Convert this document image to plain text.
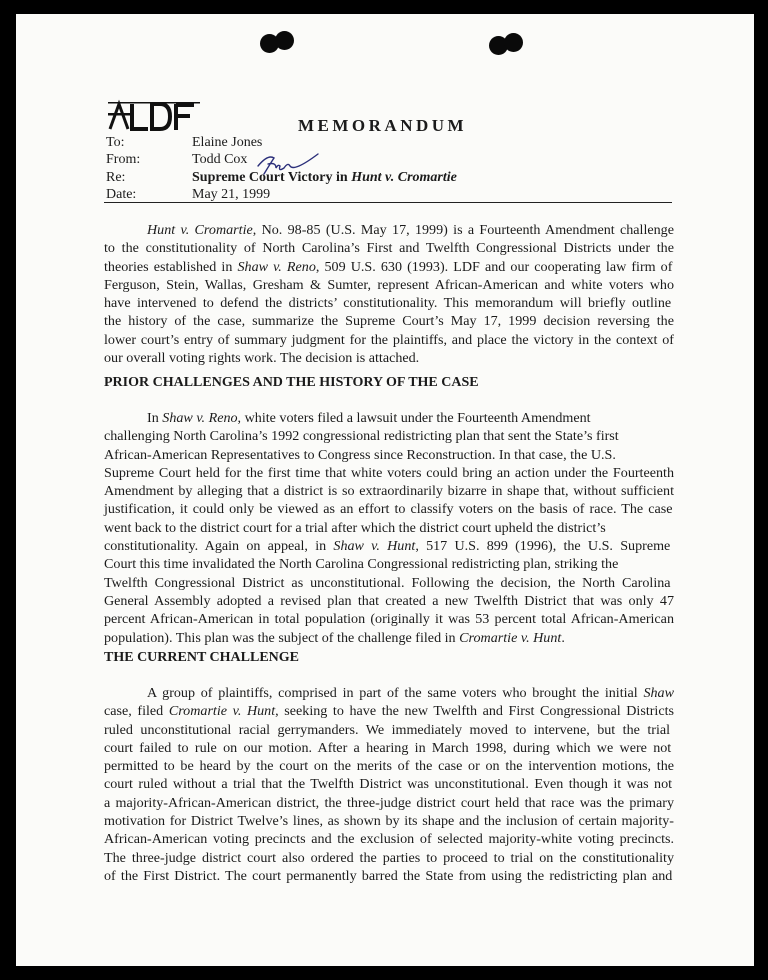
MEMORANDUM
To:	Elaine Jones
From:	Todd Cox
Re:	Supreme Court Victory in Hunt v. Cromartie
Date:	May 21, 1999
Hunt v. Cromartie, No. 98-85 (U.S. May 17, 1999) is a Fourteenth Amendment challenge
to the constitutionality of North Carolina’s First and Twelfth Congressional Districts under the
theories established in Shaw v. Reno, 509 U.S. 630 (1993). LDF and our cooperating law firm of
Ferguson, Stein, Wallas, Gresham & Sumter, represent African-American and white voters who
have intervened to defend the districts’ constitutionality. This memorandum will briefly outline
the history of the case, summarize the Supreme Court’s May 17, 1999 decision reversing the
lower court’s entry of summary judgment for the plaintiffs, and place the victory in the context of
our overall voting rights work. The decision is attached.
PRIOR CHALLENGES AND THE HISTORY OF THE CASE
In Shaw v. Reno, white voters filed a lawsuit under the Fourteenth Amendment
challenging North Carolina’s 1992 congressional redistricting plan that sent the State’s first
African-American Representatives to Congress since Reconstruction. In that case, the U.S.
Supreme Court held for the first time that white voters could bring an action under the Fourteenth
Amendment by alleging that a district is so extraordinarily bizarre in shape that, without sufficient
justification, it could only be viewed as an effort to classify voters on the basis of race. The case
went back to the district court for a trial after which the district court upheld the district’s
constitutionality. Again on appeal, in Shaw v. Hunt, 517 U.S. 899 (1996), the U.S. Supreme
Court this time invalidated the North Carolina Congressional redistricting plan, striking the
Twelfth Congressional District as unconstitutional. Following the decision, the North Carolina
General Assembly adopted a revised plan that created a new Twelfth District that was only 47
percent African-American in total population (originally it was 53 percent total African-American
population). This plan was the subject of the challenge filed in Cromartie v. Hunt.
THE CURRENT CHALLENGE
A group of plaintiffs, comprised in part of the same voters who brought the initial Shaw
case, filed Cromartie v. Hunt, seeking to have the new Twelfth and First Congressional Districts
ruled unconstitutional racial gerrymanders. We immediately moved to intervene, but the trial
court failed to rule on our motion. After a hearing in March 1998, during which we were not
permitted to be heard by the court on the merits of the case or on the intervention motions, the
court ruled without a trial that the Twelfth District was unconstitutional. Even though it was not
a majority-African-American district, the three-judge district court held that race was the primary
motivation for District Twelve’s lines, as shown by its shape and the inclusion of certain majority-
African-American voting precincts and the exclusion of selected majority-white voting precincts.
The three-judge district court also ordered the parties to proceed to trial on the constitutionality
of the First District. The court permanently barred the State from using the redistricting plan and
